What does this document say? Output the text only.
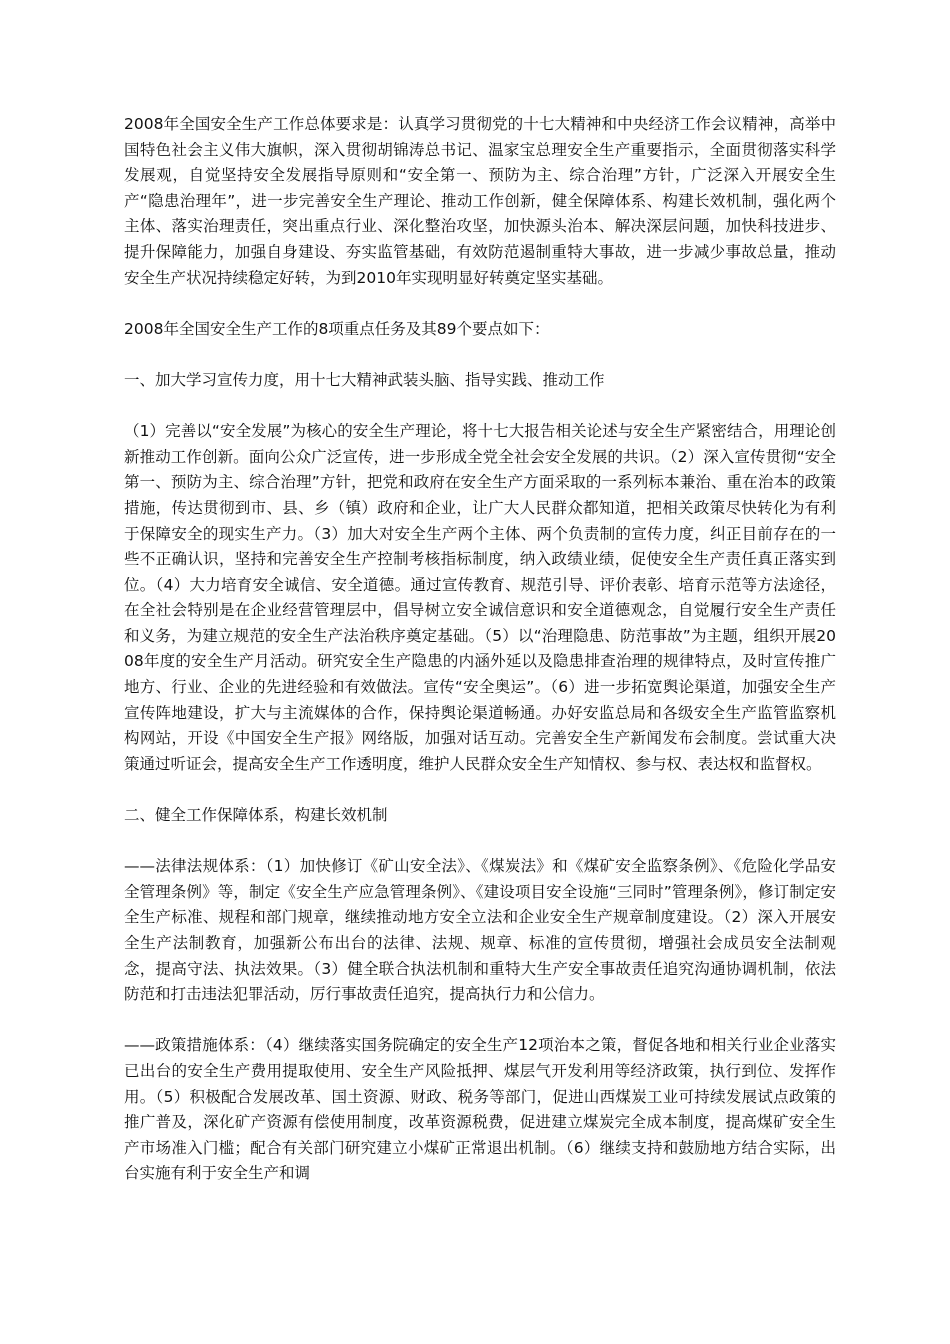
2008年全国安全生产工作总体要求是：认真学习贯彻党的十七大精神和中央经济工作会议精神，高举中国特色社会主义伟大旗帜，深入贯彻胡锦涛总书记、温家宝总理安全生产重要指示，全面贯彻落实科学发展观，自觉坚持安全发展指导原则和“安全第一、预防为主、综合治理”方针，广泛深入开展安全生产“隐患治理年”，进一步完善安全生产理论、推动工作创新，健全保障体系、构建长效机制，强化两个主体、落实治理责任，突出重点行业、深化整治攻坚，加快源头治本、解决深层问题，加快科技进步、提升保障能力，加强自身建设、夯实监管基础，有效防范遏制重特大事故，进一步减少事故总量，推动安全生产状况持续稳定好转，为到2010年实现明显好转奠定坚实基础。

2008年全国安全生产工作的8项重点任务及其89个要点如下：

一、加大学习宣传力度，用十七大精神武装头脑、指导实践、推动工作

（1）完善以“安全发展”为核心的安全生产理论，将十七大报告相关论述与安全生产紧密结合，用理论创新推动工作创新。面向公众广泛宣传，进一步形成全党全社会安全发展的共识。（2）深入宣传贯彻“安全第一、预防为主、综合治理”方针，把党和政府在安全生产方面采取的一系列标本兼治、重在治本的政策措施，传达贯彻到市、县、乡（镇）政府和企业，让广大人民群众都知道，把相关政策尽快转化为有利于保障安全的现实生产力。（3）加大对安全生产两个主体、两个负责制的宣传力度，纠正目前存在的一些不正确认识，坚持和完善安全生产控制考核指标制度，纳入政绩业绩，促使安全生产责任真正落实到位。（4）大力培育安全诚信、安全道德。通过宣传教育、规范引导、评价表彰、培育示范等方法途径，在全社会特别是在企业经营管理层中，倡导树立安全诚信意识和安全道德观念，自觉履行安全生产责任和义务，为建立规范的安全生产法治秩序奠定基础。（5）以“治理隐患、防范事故”为主题，组织开展2008年度的安全生产月活动。研究安全生产隐患的内涵外延以及隐患排查治理的规律特点，及时宣传推广地方、行业、企业的先进经验和有效做法。宣传“安全奥运”。（6）进一步拓宽舆论渠道，加强安全生产宣传阵地建设，扩大与主流媒体的合作，保持舆论渠道畅通。办好安监总局和各级安全生产监管监察机构网站，开设《中国安全生产报》网络版，加强对话互动。完善安全生产新闻发布会制度。尝试重大决策通过听证会，提高安全生产工作透明度，维护人民群众安全生产知情权、参与权、表达权和监督权。

二、健全工作保障体系，构建长效机制

——法律法规体系：（1）加快修订《矿山安全法》、《煤炭法》和《煤矿安全监察条例》、《危险化学品安全管理条例》等，制定《安全生产应急管理条例》、《建设项目安全设施“三同时”管理条例》，修订制定安全生产标准、规程和部门规章，继续推动地方安全立法和企业安全生产规章制度建设。（2）深入开展安全生产法制教育，加强新公布出台的法律、法规、规章、标准的宣传贯彻，增强社会成员安全法制观念，提高守法、执法效果。（3）健全联合执法机制和重特大生产安全事故责任追究沟通协调机制，依法防范和打击违法犯罪活动，厉行事故责任追究，提高执行力和公信力。

——政策措施体系：（4）继续落实国务院确定的安全生产12项治本之策，督促各地和相关行业企业落实已出台的安全生产费用提取使用、安全生产风险抵押、煤层气开发利用等经济政策，执行到位、发挥作用。（5）积极配合发展改革、国土资源、财政、税务等部门，促进山西煤炭工业可持续发展试点政策的推广普及，深化矿产资源有偿使用制度，改革资源税费，促进建立煤炭完全成本制度，提高煤矿安全生产市场准入门槛；配合有关部门研究建立小煤矿正常退出机制。（6）继续支持和鼓励地方结合实际，出台实施有利于安全生产和调
